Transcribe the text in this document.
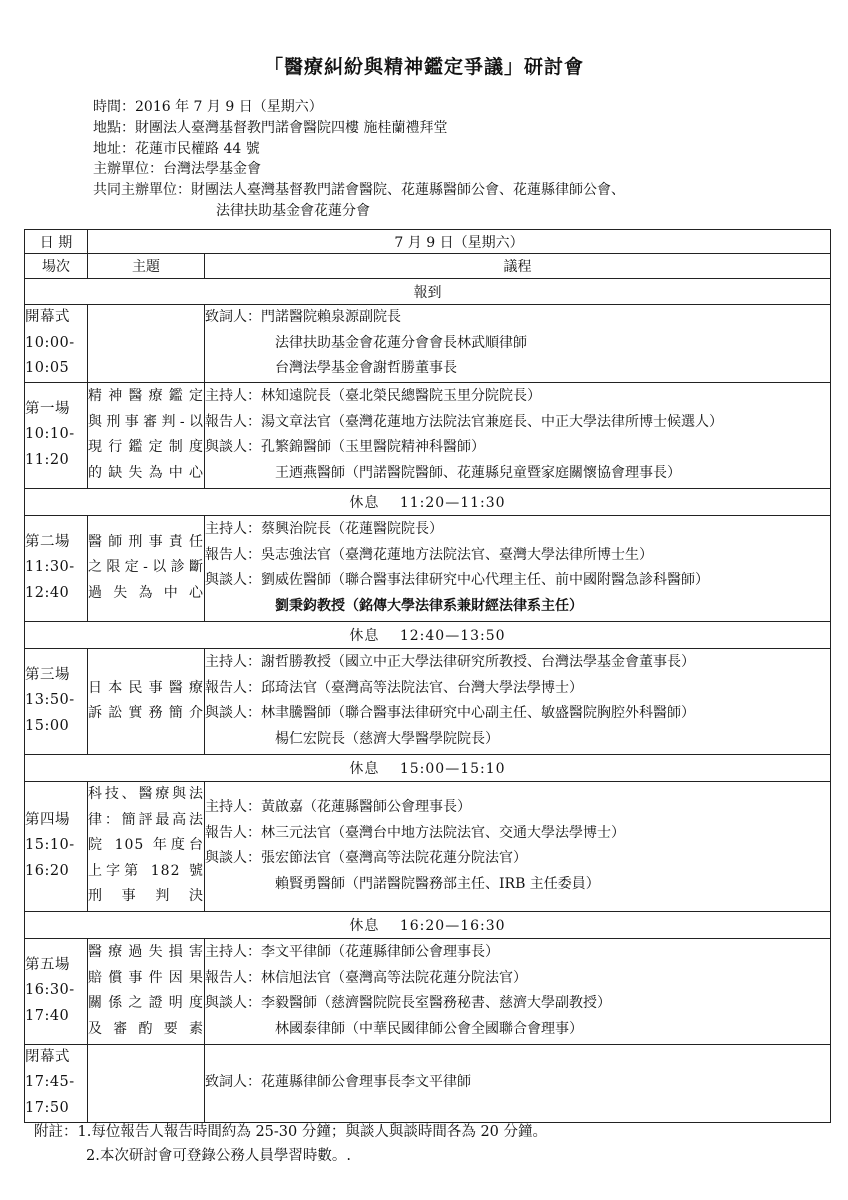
「醫療糾紛與精神鑑定爭議」研討會
時間：2016 年 7 月 9 日（星期六）
地點：財團法人臺灣基督教門諾會醫院四樓 施桂蘭禮拜堂
地址：花蓮市民權路 44 號
主辦單位：台灣法學基金會
共同主辦單位：財團法人臺灣基督教門諾會醫院、花蓮縣醫師公會、花蓮縣律師公會、
法律扶助基金會花蓮分會
日 期	7 月 9 日（星期六）	
場次	主題	議程
報到		

開幕式
10:00-
10:05		致詞人：門諾醫院賴泉源副院長
法律扶助基金會花蓮分會會長林武順律師
台灣法學基金會謝哲勝董事長

第一場
10:10-
11:20	精神醫療鑑定
與刑事審判-以
現行鑑定制度
的缺失為中心	主持人：林知遠院長（臺北榮民總醫院玉里分院院長）
報告人：湯文章法官（臺灣花蓮地方法院法官兼庭長、中正大學法律所博士候選人）
與談人：孔繁錦醫師（玉里醫院精神科醫師）
王迺燕醫師（門諾醫院醫師、花蓮縣兒童暨家庭關懷協會理事長）

休息　 11:20—11:30		

第二場
11:30-
12:40	醫師刑事責任
之限定-以診斷
過失為中心	主持人：蔡興治院長（花蓮醫院院長）
報告人：吳志強法官（臺灣花蓮地方法院法官、臺灣大學法律所博士生）
與談人：劉威佐醫師（聯合醫事法律研究中心代理主任、前中國附醫急診科醫師）
劉秉鈞教授（銘傳大學法律系兼財經法律系主任）

休息　 12:40—13:50		

第三場
13:50-
15:00	日本民事醫療
訴訟實務簡介	主持人：謝哲勝教授（國立中正大學法律研究所教授、台灣法學基金會董事長）
報告人：邱琦法官（臺灣高等法院法官、台灣大學法學博士）
與談人：林聿騰醫師（聯合醫事法律研究中心副主任、敏盛醫院胸腔外科醫師）
楊仁宏院長（慈濟大學醫學院院長）

休息　 15:00—15:10		

第四場
15:10-
16:20	科技、醫療與法
律：簡評最高法
院 105 年度台
上字第 182 號
刑事判決	主持人：黃啟嘉（花蓮縣醫師公會理事長）
報告人：林三元法官（臺灣台中地方法院法官、交通大學法學博士）
與談人：張宏節法官（臺灣高等法院花蓮分院法官）
賴賢勇醫師（門諾醫院醫務部主任、IRB 主任委員）

休息　 16:20—16:30		

第五場
16:30-
17:40	醫療過失損害
賠償事件因果
關係之證明度
及審酌要素	主持人：李文平律師（花蓮縣律師公會理事長）
報告人：林信旭法官（臺灣高等法院花蓮分院法官）
與談人：李毅醫師（慈濟醫院院長室醫務秘書、慈濟大學副教授）
林國泰律師（中華民國律師公會全國聯合會理事）

閉幕式
17:45-
17:50		致詞人：花蓮縣律師公會理事長李文平律師
附註：1.每位報告人報告時間約為 25-30 分鐘；與談人與談時間各為 20 分鐘。
2.本次研討會可登錄公務人員學習時數。.
